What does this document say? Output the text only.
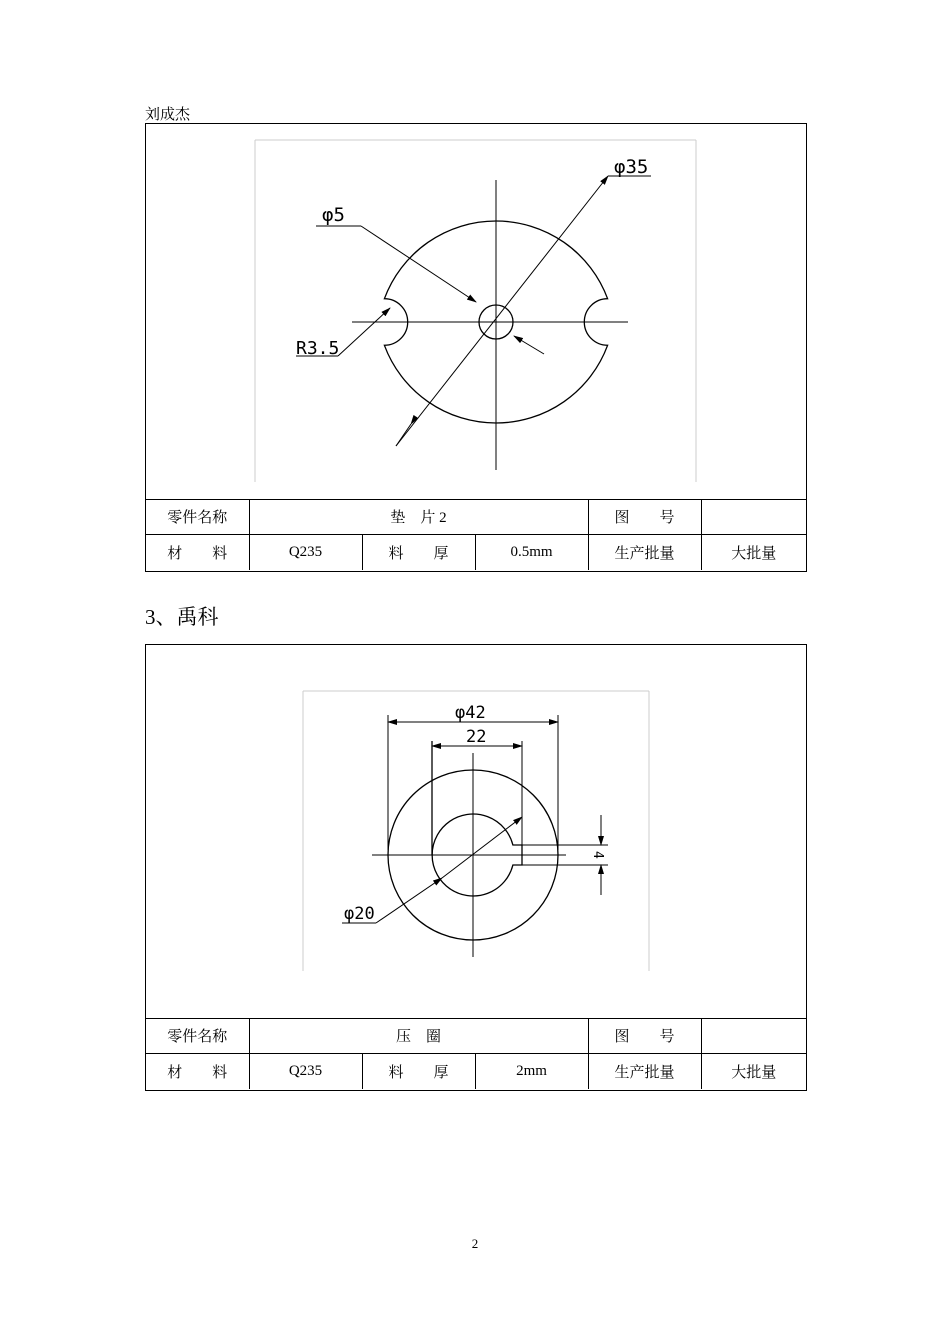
刘成杰
φ35
φ5
R3.5
零件名称	垫　片 2			图　　号	
材　　料	Q235	料　　厚	0.5mm	生产批量	大批量
3、禹科
φ42
22
φ20
4
零件名称	压　圈			图　　号	
材　　料	Q235	料　　厚	2mm	生产批量	大批量
2
